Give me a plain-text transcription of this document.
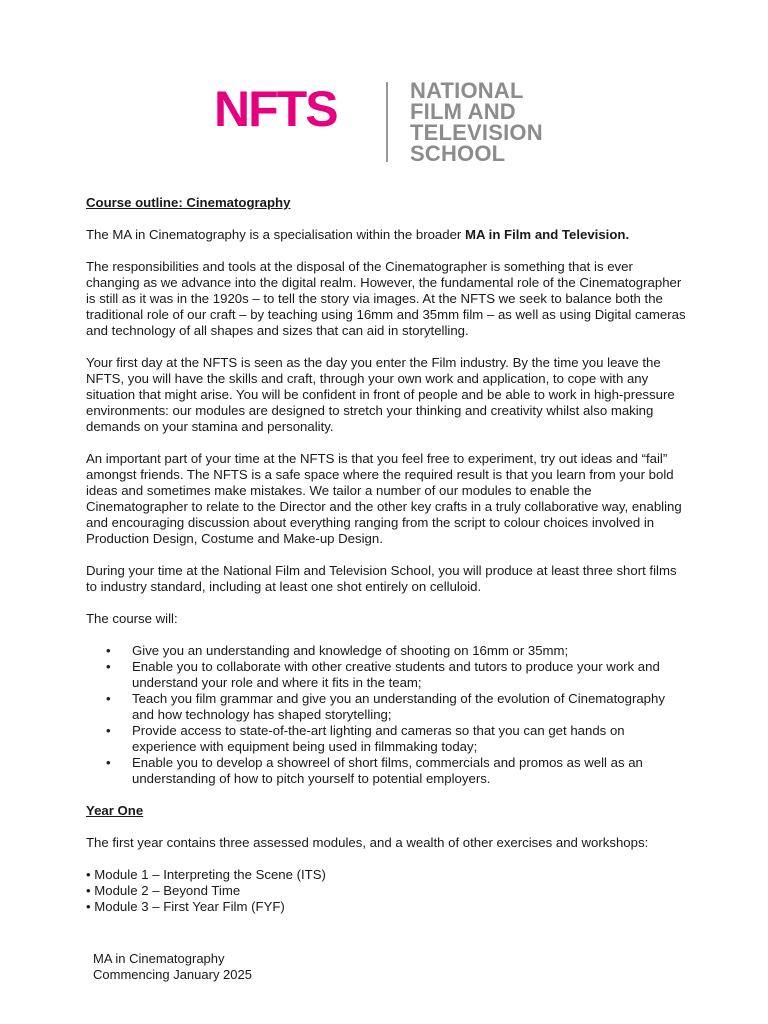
NFTS	NATIONAL
FILM AND
TELEVISION
SCHOOL
Course outline: Cinematography

The MA in Cinematography is a specialisation within the broader MA in Film and Television.

The responsibilities and tools at the disposal of the Cinematographer is something that is ever changing as we advance into the digital realm. However, the fundamental role of the Cinematographer is still as it was in the 1920s – to tell the story via images. At the NFTS we seek to balance both the traditional role of our craft – by teaching using 16mm and 35mm film – as well as using Digital cameras and technology of all shapes and sizes that can aid in storytelling.

Your first day at the NFTS is seen as the day you enter the Film industry. By the time you leave the NFTS, you will have the skills and craft, through your own work and application, to cope with any situation that might arise. You will be confident in front of people and be able to work in high-pressure environments: our modules are designed to stretch your thinking and creativity whilst also making demands on your stamina and personality.

An important part of your time at the NFTS is that you feel free to experiment, try out ideas and “fail” amongst friends. The NFTS is a safe space where the required result is that you learn from your bold ideas and sometimes make mistakes. We tailor a number of our modules to enable the Cinematographer to relate to the Director and the other key crafts in a truly collaborative way, enabling and encouraging discussion about everything ranging from the script to colour choices involved in Production Design, Costume and Make-up Design.

During your time at the National Film and Television School, you will produce at least three short films to industry standard, including at least one shot entirely on celluloid.

The course will:

• Give you an understanding and knowledge of shooting on 16mm or 35mm;
• Enable you to collaborate with other creative students and tutors to produce your work and understand your role and where it fits in the team;
• Teach you film grammar and give you an understanding of the evolution of Cinematography and how technology has shaped storytelling;
• Provide access to state-of-the-art lighting and cameras so that you can get hands on experience with equipment being used in filmmaking today;
• Enable you to develop a showreel of short films, commercials and promos as well as an understanding of how to pitch yourself to potential employers.
Year One

The first year contains three assessed modules, and a wealth of other exercises and workshops:

• Module 1 – Interpreting the Scene (ITS)
• Module 2 – Beyond Time
• Module 3 – First Year Film (FYF)
MA in Cinematography
Commencing January 2025
